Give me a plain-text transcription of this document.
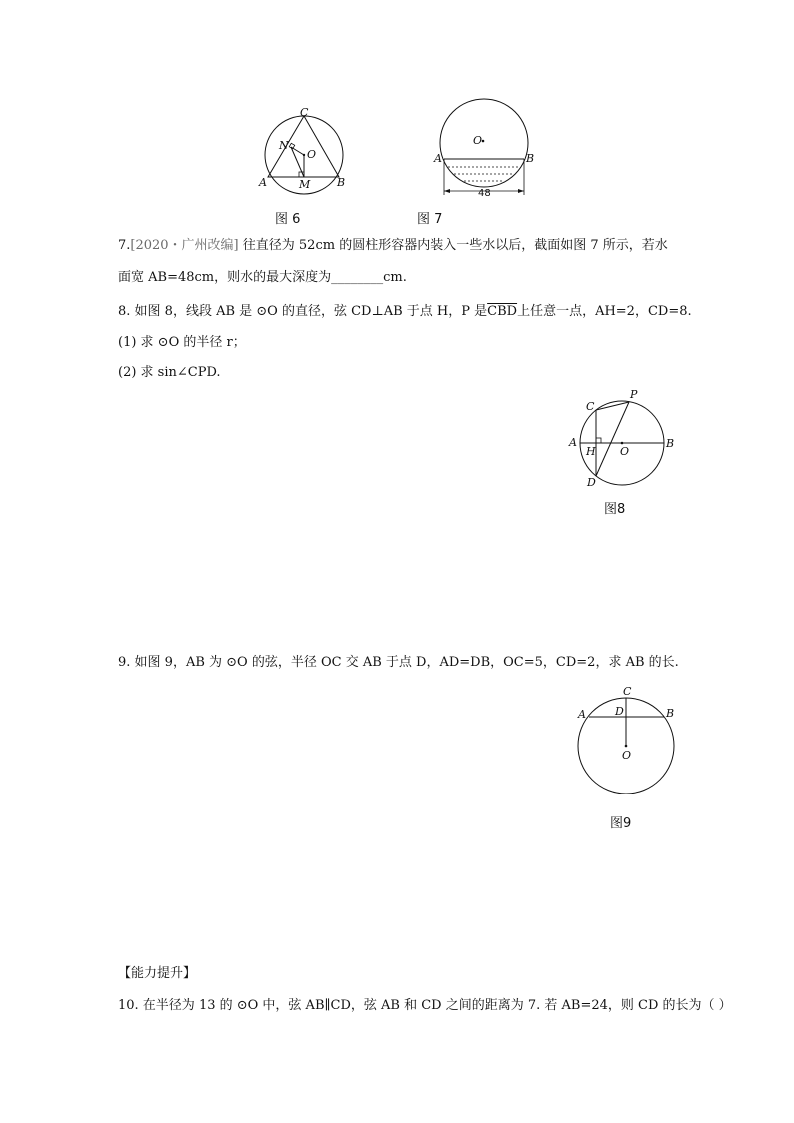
C
A	B
N
O
M
图 6
O
A	B
48
图 7
7.[2020・广州改编] 往直径为 52cm 的圆柱形容器内装入一些水以后，截面如图 7 所示，若水
面宽 AB=48cm，则水的最大深度为________cm.
8. 如图 8，线段 AB 是 ⊙O 的直径，弦 CD⊥AB 于点 H，P 是$\overline{CBD}$上任意一点，AH=2，CD=8.
(1) 求 ⊙O 的半径 r；
(2) 求 sin∠CPD.
P
C
A	B
H O
D
图8
9. 如图 9，AB 为 ⊙O 的弦，半径 OC 交 AB 于点 D，AD=DB，OC=5，CD=2，求 AB 的长.
C
A	B
D
O
图9
【能力提升】
10. 在半径为 13 的 ⊙O 中，弦 AB∥CD，弦 AB 和 CD 之间的距离为 7. 若 AB=24，则 CD 的长为（ ）
